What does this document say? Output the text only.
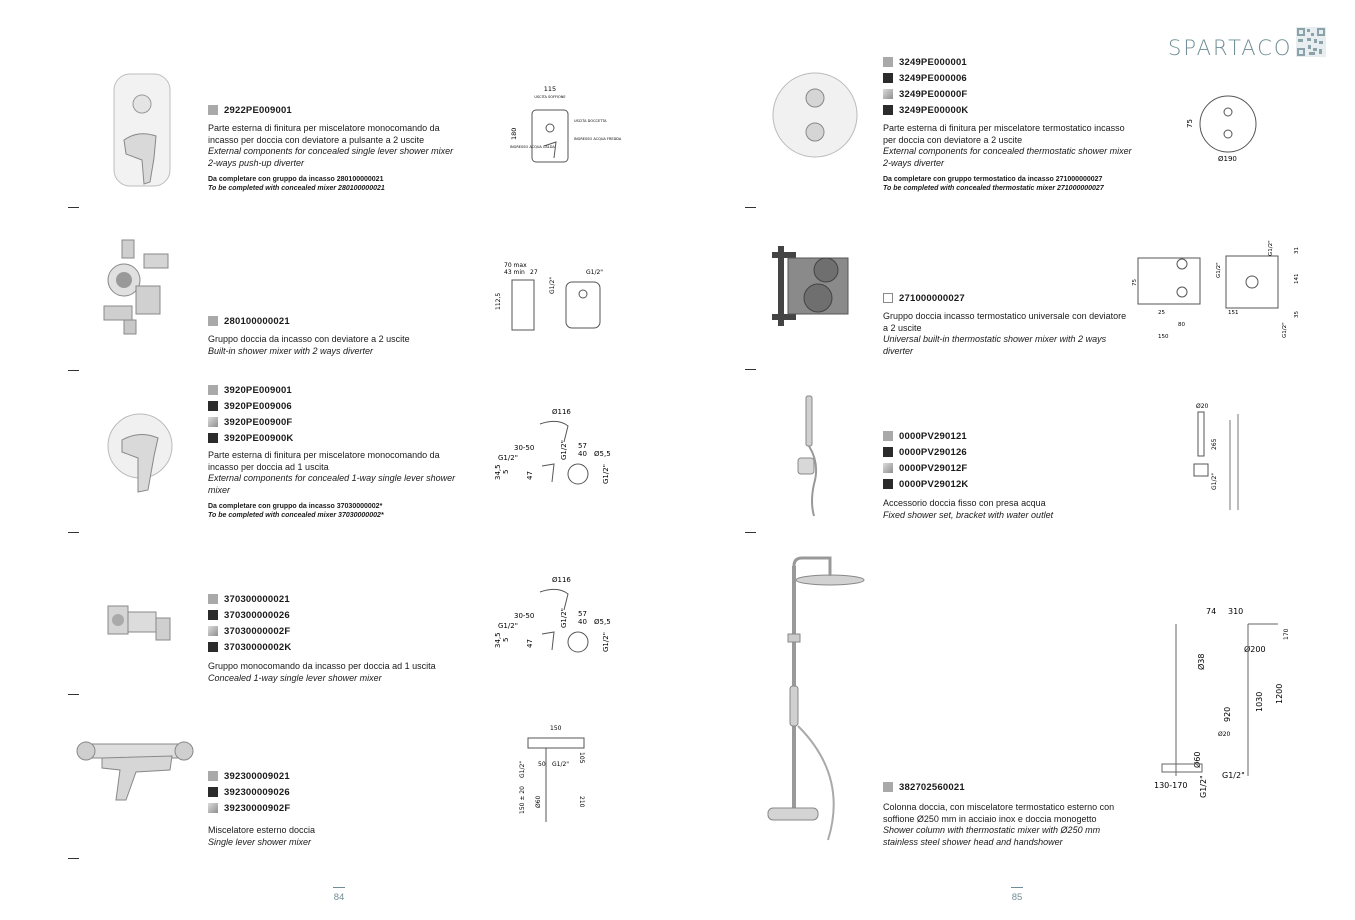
SPARTACO
2922PE009001
Parte esterna di finitura per miscelatore monocomando da incasso per doccia con deviatore a pulsante a 2 uscite
External components for concealed single lever shower mixer 2-ways push-up diverter
Da completare con gruppo da incasso 280100000021
To be completed with concealed mixer 280100000021
115
USCITA SOFFIONE
180
USCITA DOCCETTA
INGRESSO ACQUA CALDA
INGRESSO ACQUA FREDDA
280100000021
Gruppo doccia da incasso con deviatore a 2 uscite
Built-in shower mixer with 2 ways diverter
70 max
43 min 27	G1/2"
112,5
G1/2"
3920PE009001
3920PE009006
3920PE00900F
3920PE00900K
Parte esterna di finitura per miscelatore monocomando da incasso per doccia ad 1 uscita
External components for concealed 1-way single lever shower mixer
Da completare con gruppo da incasso 37030000002*
To be completed with concealed mixer 37030000002*
Ø116
30-50	57
40 Ø5,5
G1/2"
34,5 5 47
G1/2"
G1/2"
370300000021
370300000026
37030000002F
37030000002K
Gruppo monocomando da incasso per doccia ad 1 uscita
Concealed 1-way single lever shower mixer
Ø116
30-50	57
40 Ø5,5
G1/2"
34,5 5 47
G1/2"
G1/2"
392300009021
392300009026
39230000902F
Miscelatore esterno doccia
Single lever shower mixer
150
50 G1/2"
105
210
G1/2"
150 ± 20 Ø60
84
3249PE000001
3249PE000006
3249PE00000F
3249PE00000K
Parte esterna di finitura per miscelatore termostatico incasso per doccia con deviatore a 2 uscite
External components for concealed thermostatic shower mixer 2-ways diverter
Da completare con gruppo termostatico da incasso 271000000027
To be completed with concealed thermostatic mixer 271000000027
75
Ø190
271000000027
Gruppo doccia incasso termostatico universale con deviatore a 2 uscite
Universal built-in thermostatic shower mixer with 2 ways diverter
75
25
80
150
151
31
141
35
G1/2"
G1/2"
G1/2"
0000PV290121
0000PV290126
0000PV29012F
0000PV29012K
Accessorio doccia fisso con presa acqua
Fixed shower set, bracket with water outlet
Ø20
265
G1/2"
382702560021
Colonna doccia, con miscelatore termostatico esterno con soffione Ø250 mm in acciaio inox e doccia monogetto
Shower column with thermostatic mixer with Ø250 mm stainless steel shower head and handshower
74 310
170
Ø200
Ø38
1030 1200
920
Ø20
Ø60
130-170
G1/2"
G1/2"
85
